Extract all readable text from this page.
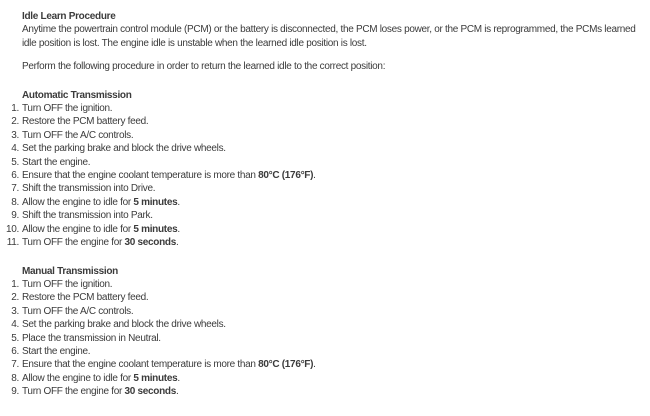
Idle Learn Procedure

Anytime the powertrain control module (PCM) or the battery is disconnected, the PCM loses power, or the PCM is reprogrammed, the PCMs learned idle position is lost. The engine idle is unstable when the learned idle position is lost.

Perform the following procedure in order to return the learned idle to the correct position:

Automatic Transmission
1. Turn OFF the ignition.
2. Restore the PCM battery feed.
3. Turn OFF the A/C controls.
4. Set the parking brake and block the drive wheels.
5. Start the engine.
6. Ensure that the engine coolant temperature is more than 80°C (176°F).
7. Shift the transmission into Drive.
8. Allow the engine to idle for 5 minutes.
9. Shift the transmission into Park.
10. Allow the engine to idle for 5 minutes.
11. Turn OFF the engine for 30 seconds.
Manual Transmission
1. Turn OFF the ignition.
2. Restore the PCM battery feed.
3. Turn OFF the A/C controls.
4. Set the parking brake and block the drive wheels.
5. Place the transmission in Neutral.
6. Start the engine.
7. Ensure that the engine coolant temperature is more than 80°C (176°F).
8. Allow the engine to idle for 5 minutes.
9. Turn OFF the engine for 30 seconds.
